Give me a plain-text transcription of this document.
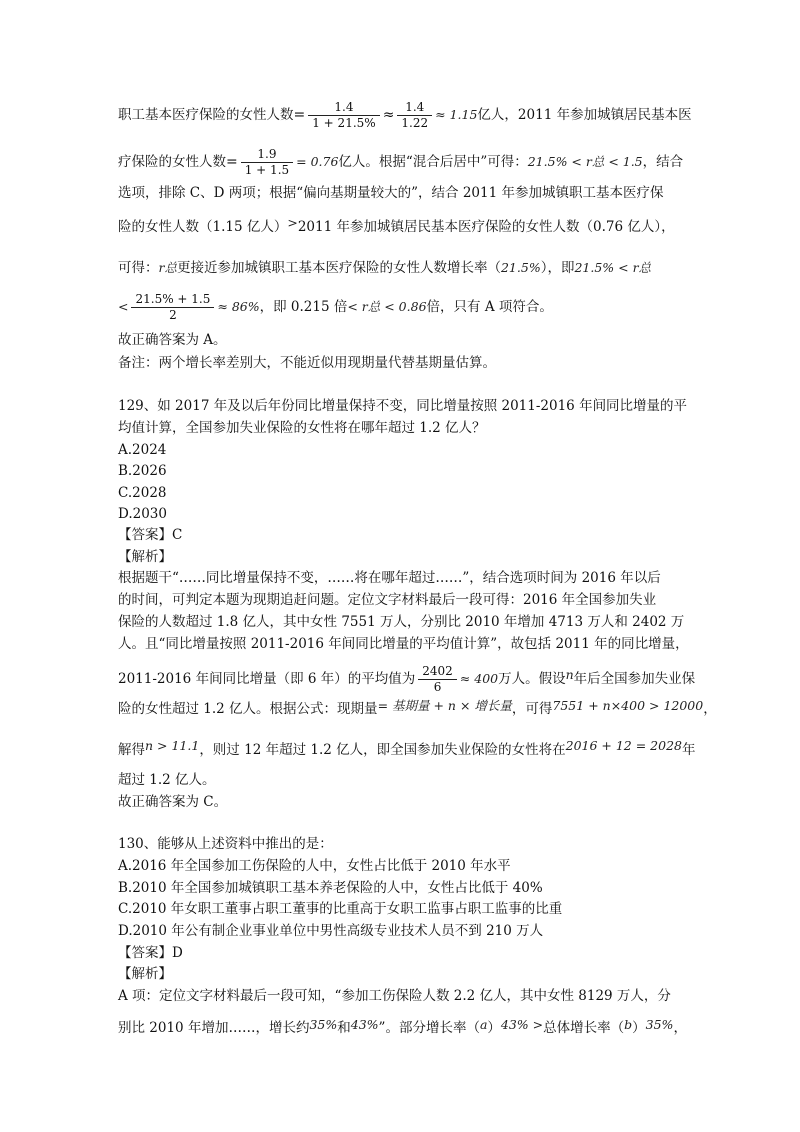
职工基本医疗保险的女性人数= $\frac{1.4}{1 + 21.5\%} \approx \frac{1.4}{1.22} \approx 1.15$亿人，2011 年参加城镇居民基本医
疗保险的女性人数= $\frac{1.9}{1 + 1.5} = 0.76$亿人。根据“混合后居中”可得：21.5% < r总 < 1.5，结合
选项，排除 C、D 两项；根据“偏向基期量较大的”，结合 2011 年参加城镇职工基本医疗保
险的女性人数（1.15 亿人）>2011 年参加城镇居民基本医疗保险的女性人数（0.76 亿人），
可得：r总更接近参加城镇职工基本医疗保险的女性人数增长率（21.5%），即21.5% < r总
< $\frac{21.5\% + 1.5}{2} \approx 86\%$，即 0.215 倍< r总 < 0.86倍，只有 A 项符合。
故正确答案为 A。
备注：两个增长率差别大，不能近似用现期量代替基期量估算。
129、如 2017 年及以后年份同比增量保持不变，同比增量按照 2011-2016 年间同比增量的平
均值计算，全国参加失业保险的女性将在哪年超过 1.2 亿人？
A.2024
B.2026
C.2028
D.2030
【答案】C
【解析】
根据题干“……同比增量保持不变，……将在哪年超过……”，结合选项时间为 2016 年以后
的时间，可判定本题为现期追赶问题。定位文字材料最后一段可得：2016 年全国参加失业
保险的人数超过 1.8 亿人，其中女性 7551 万人，分别比 2010 年增加 4713 万人和 2402 万
人。且“同比增量按照 2011-2016 年间同比增量的平均值计算”，故包括 2011 年的同比增量，
2011-2016 年间同比增量（即 6 年）的平均值为 $\frac{2402}{6} \approx 400$万人。假设n年后全国参加失业保
险的女性超过 1.2 亿人。根据公式：现期量= 基期量 + n × 增长量，可得7551 + n×400 > 12000，
解得n > 11.1，则过 12 年超过 1.2 亿人，即全国参加失业保险的女性将在2016 + 12 = 2028年
超过 1.2 亿人。
故正确答案为 C。
130、能够从上述资料中推出的是：
A.2016 年全国参加工伤保险的人中，女性占比低于 2010 年水平
B.2010 年全国参加城镇职工基本养老保险的人中，女性占比低于 40%
C.2010 年女职工董事占职工董事的比重高于女职工监事占职工监事的比重
D.2010 年公有制企业事业单位中男性高级专业技术人员不到 210 万人
【答案】D
【解析】
A 项：定位文字材料最后一段可知，“参加工伤保险人数 2.2 亿人，其中女性 8129 万人，分
别比 2010 年增加……，增长约35%和43%”。部分增长率（a）43% >总体增长率（b）35%，
